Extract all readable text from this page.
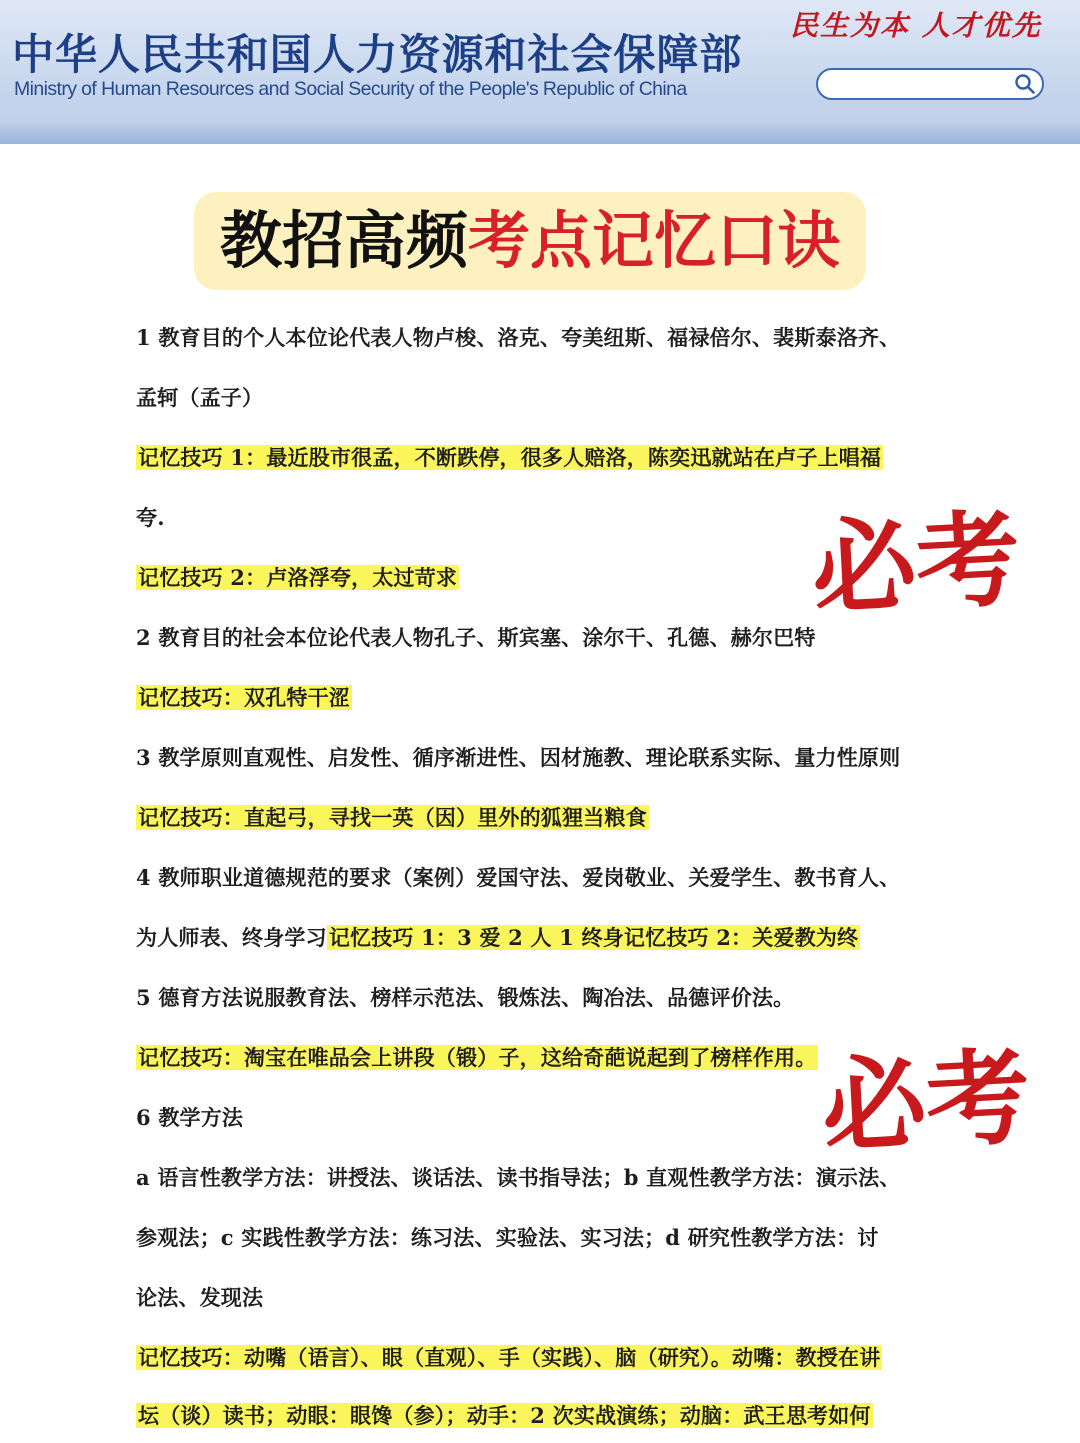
中华人民共和国人力资源和社会保障部
Ministry of Human Resources and Social Security of the People's Republic of China
民生为本 人才优先
教招高频考点记忆口诀
1 教育目的个人本位论代表人物卢梭、洛克、夸美纽斯、福禄倍尔、裴斯泰洛齐、
孟轲（孟子）
记忆技巧 1：最近股市很孟，不断跌停，很多人赔洛，陈奕迅就站在卢子上唱福
夸.
记忆技巧 2：卢洛浮夸，太过苛求
2 教育目的社会本位论代表人物孔子、斯宾塞、涂尔干、孔德、赫尔巴特
记忆技巧：双孔特干涩
3 教学原则直观性、启发性、循序渐进性、因材施教、理论联系实际、量力性原则
记忆技巧：直起弓，寻找一英（因）里外的狐狸当粮食
4 教师职业道德规范的要求（案例）爱国守法、爱岗敬业、关爱学生、教书育人、
为人师表、终身学习记忆技巧 1：3 爱 2 人 1 终身记忆技巧 2：关爱教为终
5 德育方法说服教育法、榜样示范法、锻炼法、陶冶法、品德评价法。
记忆技巧：淘宝在唯品会上讲段（锻）子，这给奇葩说起到了榜样作用。
6 教学方法
a 语言性教学方法：讲授法、谈话法、读书指导法；b 直观性教学方法：演示法、
参观法；c 实践性教学方法：练习法、实验法、实习法；d 研究性教学方法：讨
论法、发现法
记忆技巧：动嘴（语言）、眼（直观）、手（实践）、脑（研究）。动嘴：教授在讲
坛（谈）读书；动眼：眼馋（参）；动手：2 次实战演练；动脑：武王思考如何
必考
必考
